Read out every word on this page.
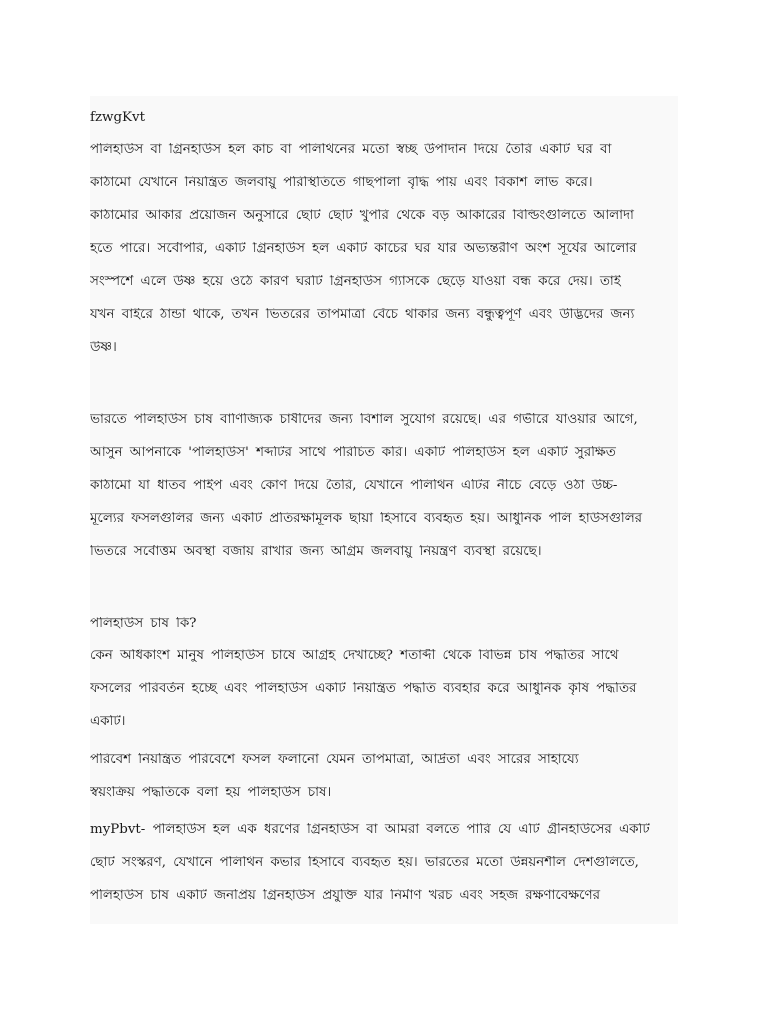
fzwgKvt
পলিহাউস বা গ্রিনহাউস হল কাঁচ বা পলিথিনের মতো স্বচ্ছ উপাদান দিয়ে তৈরি একটি ঘর বা
কাঠামো যেখানে নিয়ন্ত্রিত জলবায়ু পরিস্থিতিতে গাছপালা বৃদ্ধি পায় এবং বিকাশ লাভ করে।
কাঠামোর আকার প্রয়োজন অনুসারে ছোট ছোট খুপরি থেকে বড় আকারের বিল্ডিংগুলিতে আলাদা
হতে পারে। সর্বোপরি, একটি গ্রিনহাউস হল একটি কাচের ঘর যার অভ্যন্তরীণ অংশ সূর্যের আলোর
সংস্পর্শে এলে উষ্ণ হয়ে ওঠে কারণ ঘরটি গ্রিনহাউস গ্যাসকে ছেড়ে যাওয়া বন্ধ করে দেয়। তাই
যখন বাইরে ঠান্ডা থাকে, তখন ভিতরের তাপমাত্রা বেঁচে থাকার জন্য বন্ধুত্বপূর্ণ এবং উদ্ভিদের জন্য
উষ্ণ।
ভারতে পলিহাউস চাষ বাণিজ্যিক চাষীদের জন্য বিশাল সুযোগ রয়েছে। এর গভীরে যাওয়ার আগে,
আসুন আপনাকে 'পলিহাউস' শব্দটির সাথে পরিচিত করি। একটি পলিহাউস হল একটি সুরক্ষিত
কাঠামো যা ধাতব পাইপ এবং কোণ দিয়ে তৈরি, যেখানে পলিথিন এটির নীচে বেড়ে ওঠা উচ্চ-
মূল্যের ফসলগুলির জন্য একটি প্রতিরক্ষামূলক ছায়া হিসাবে ব্যবহৃত হয়। আধুনিক পলি হাউসগুলির
ভিতরে সর্বোত্তম অবস্থা বজায় রাখার জন্য অগ্রিম জলবায়ু নিয়ন্ত্রণ ব্যবস্থা রয়েছে।
পলিহাউস চাষ কি?
কেন অধিকাংশ মানুষ পলিহাউস চাষে আগ্রহ দেখাচ্ছে? শতাব্দী থেকে বিভিন্ন চাষ পদ্ধতির সাথে
ফসলের পরিবর্তন হচ্ছে এবং পলিহাউস একটি নিয়ন্ত্রিত পদ্ধতি ব্যবহার করে আধুনিক কৃষি পদ্ধতির
একটি।
পরিবেশ নিয়ন্ত্রিত পরিবেশে ফসল ফলানো যেমন তাপমাত্রা, আর্দ্রতা এবং সারের সাহায্যে
স্বয়ংক্রিয় পদ্ধতিকে বলা হয় পলিহাউস চাষ।
myPbvt- পলিহাউস হল এক ধরণের গ্রিনহাউস বা আমরা বলতে পারি যে এটি গ্রীনহাউসের একটি
ছোট সংস্করণ, যেখানে পলিথিন কভার হিসাবে ব্যবহৃত হয়। ভারতের মতো উন্নয়নশীল দেশগুলিতে,
পলিহাউস চাষ একটি জনপ্রিয় গ্রিনহাউস প্রযুক্তি যার নির্মাণ খরচ এবং সহজ রক্ষণাবেক্ষণের
